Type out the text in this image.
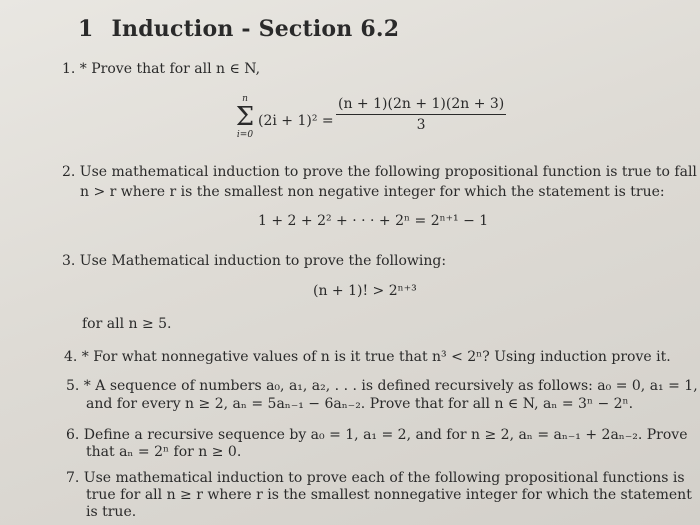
1 Induction - Section 6.2
1. * Prove that for all n ∈ N,
n
Σ
i=0
$(2i + 1)^2 = \frac{(n + 1)(2n + 1)(2n + 3)}{3}$
2. Use mathematical induction to prove the following propositional function is true to fall
n > r where r is the smallest non negative integer for which the statement is true:
1 + 2 + 2² + · · · + 2ⁿ = 2ⁿ⁺¹ − 1
3. Use Mathematical induction to prove the following:
(n + 1)! > 2ⁿ⁺³
for all n ≥ 5.
4. * For what nonnegative values of n is it true that n³ < 2ⁿ? Using induction prove it.
5. * A sequence of numbers a₀, a₁, a₂, . . . is defined recursively as follows: a₀ = 0, a₁ = 1,
and for every n ≥ 2, aₙ = 5aₙ₋₁ − 6aₙ₋₂. Prove that for all n ∈ N, aₙ = 3ⁿ − 2ⁿ.
6. Define a recursive sequence by a₀ = 1, a₁ = 2, and for n ≥ 2, aₙ = aₙ₋₁ + 2aₙ₋₂. Prove
that aₙ = 2ⁿ for n ≥ 0.
7. Use mathematical induction to prove each of the following propositional functions is
true for all n ≥ r where r is the smallest nonnegative integer for which the statement
is true.
